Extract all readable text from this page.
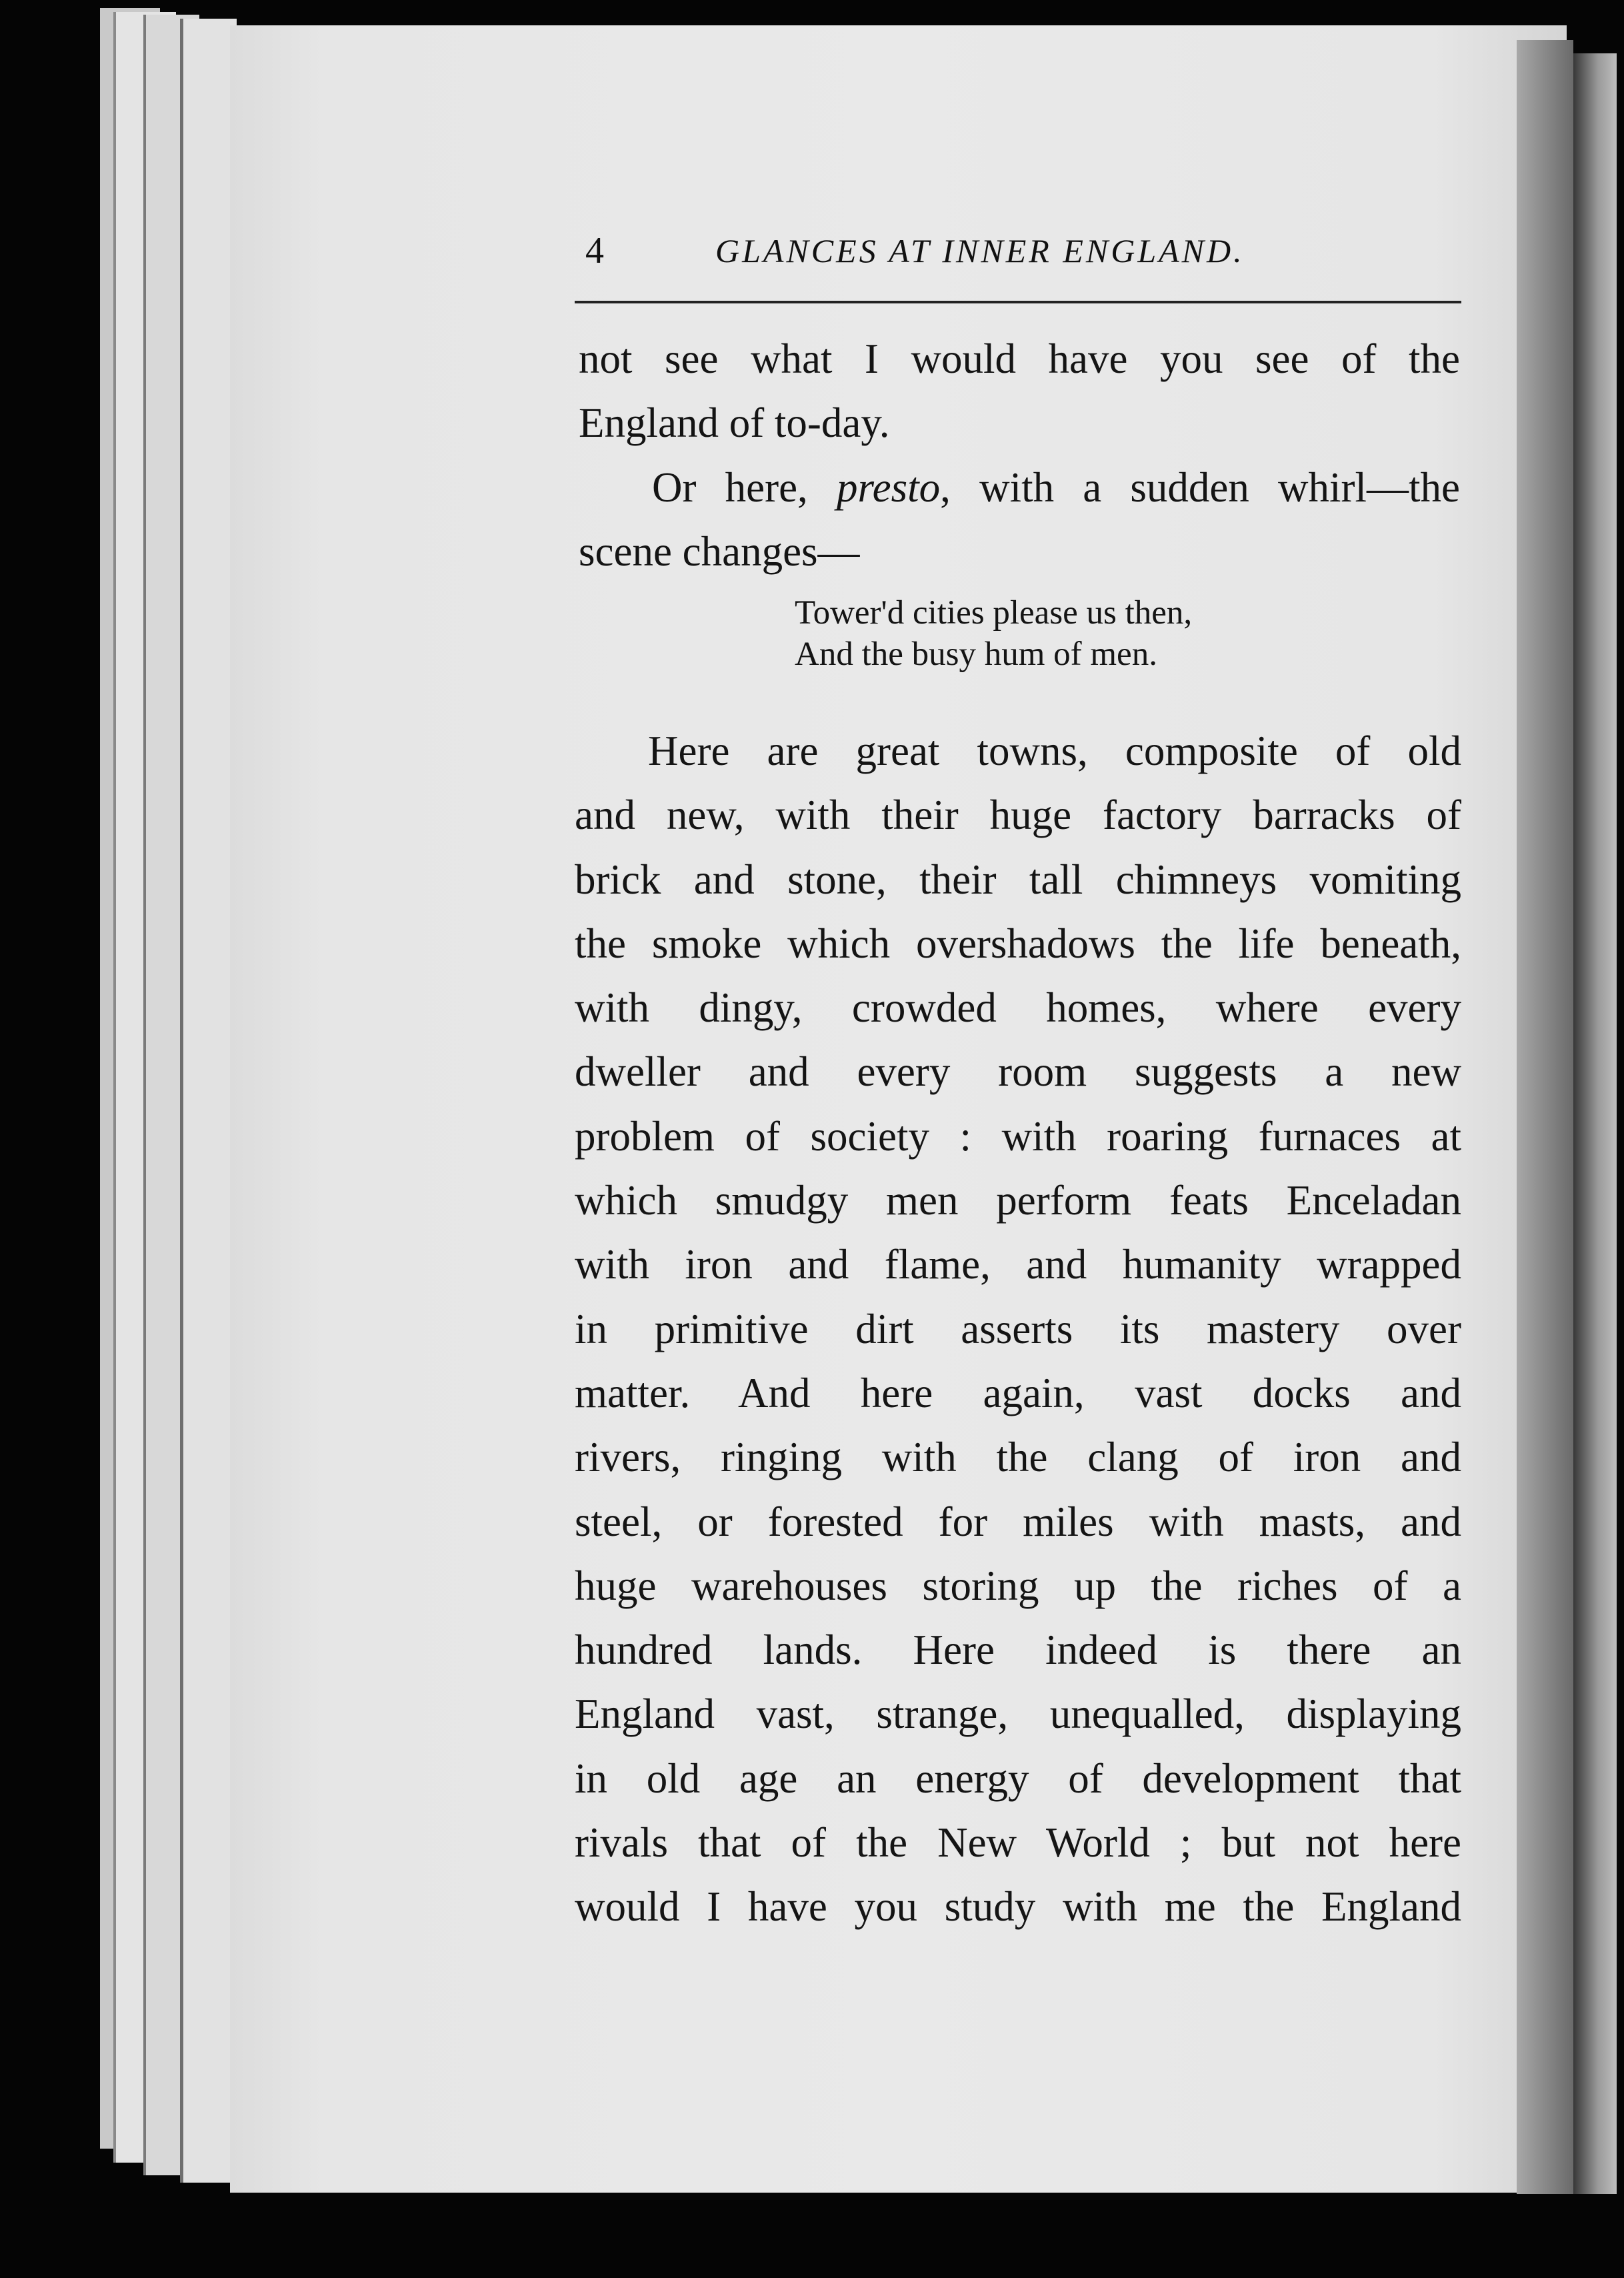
4	GLANCES AT INNER ENGLAND.
not see what I would have you see of the
England of to-day.
Or here, presto, with a sudden whirl—the
scene changes—
Tower'd cities please us then,
And the busy hum of men.
Here are great towns, composite of old
and new, with their huge factory barracks of
brick and stone, their tall chimneys vomiting
the smoke which overshadows the life beneath,
with dingy, crowded homes, where every
dweller and every room suggests a new
problem of society : with roaring furnaces at
which smudgy men perform feats Enceladan
with iron and flame, and humanity wrapped
in primitive dirt asserts its mastery over
matter. And here again, vast docks and
rivers, ringing with the clang of iron and
steel, or forested for miles with masts, and
huge warehouses storing up the riches of a
hundred lands. Here indeed is there an
England vast, strange, unequalled, displaying
in old age an energy of development that
rivals that of the New World ; but not here
would I have you study with me the England
